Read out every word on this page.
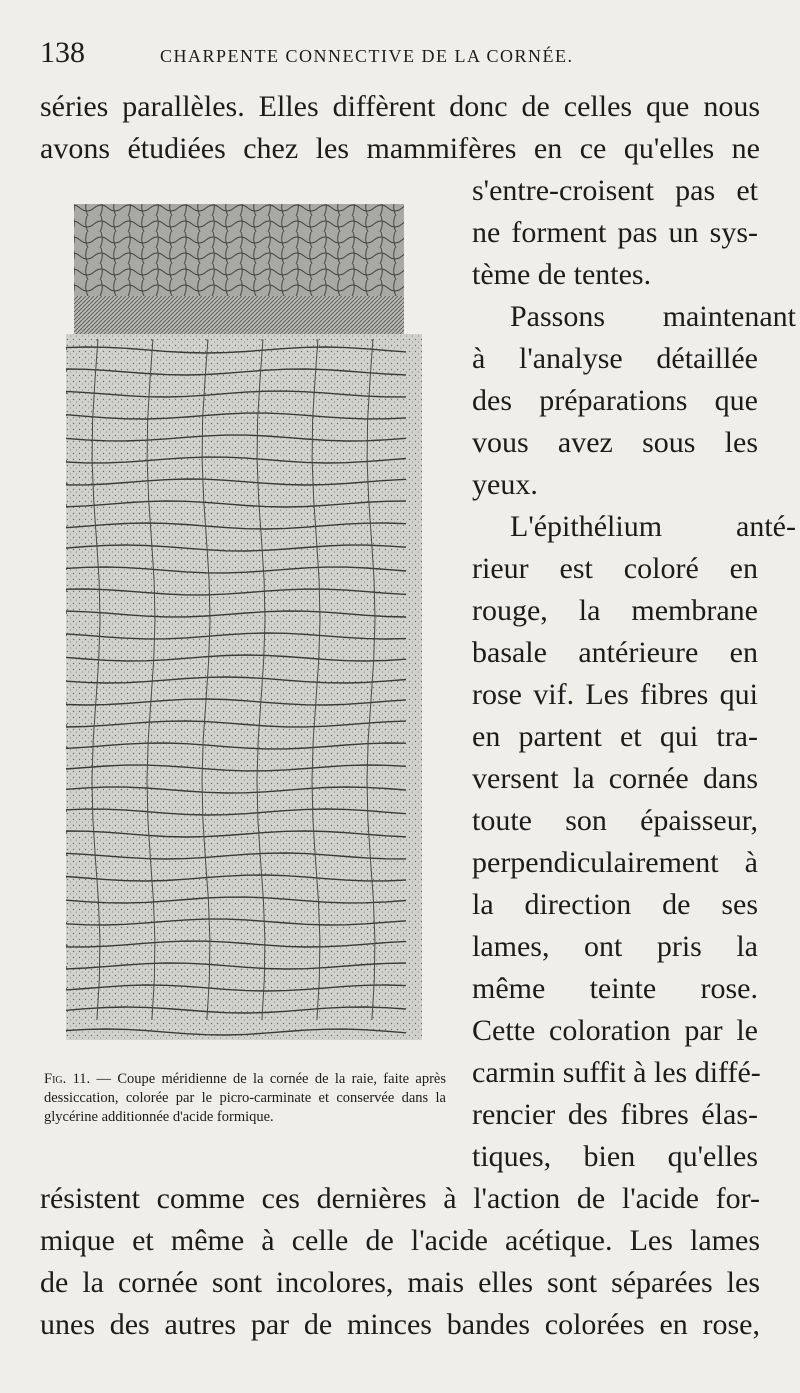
138	CHARPENTE CONNECTIVE DE LA CORNÉE.
séries parallèles. Elles diffèrent donc de celles que nous
avons étudiées chez les mammifères en ce qu'elles ne
s'entre-croisent pas et
ne forment pas un sys-
tème de tentes.
Passons maintenant
à l'analyse détaillée
des préparations que
vous avez sous les
yeux.
L'épithélium anté-
rieur est coloré en
rouge, la membrane
basale antérieure en
rose vif. Les fibres qui
en partent et qui tra-
versent la cornée dans
toute son épaisseur,
perpendiculairement à
la direction de ses
lames, ont pris la
même teinte rose.
Cette coloration par le
carmin suffit à les diffé-
rencier des fibres élas-
tiques, bien qu'elles
résistent comme ces dernières à l'action de l'acide for-
mique et même à celle de l'acide acétique. Les lames
de la cornée sont incolores, mais elles sont séparées les
unes des autres par de minces bandes colorées en rose,
Fig. 11. — Coupe méridienne de la cornée de la raie, faite après dessiccation, colorée par le picro-carminate et conservée dans la glycérine additionnée d'acide formique.
